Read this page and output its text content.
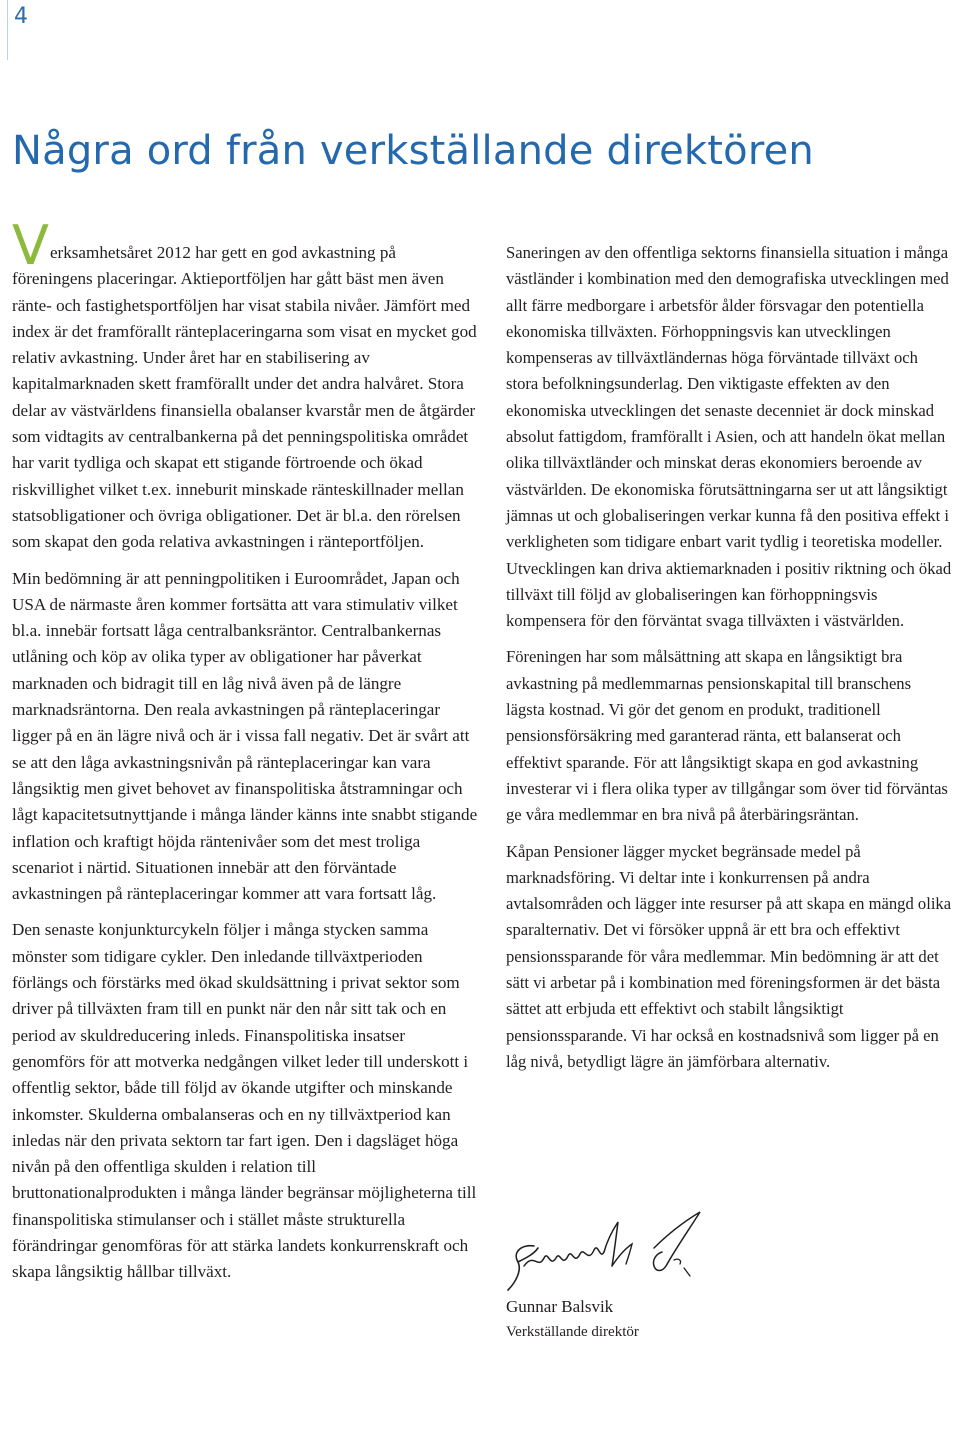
4
Några ord från verkställande direktören

Verksamhetsåret 2012 har gett en god avkastning på föreningens placeringar. Aktieportföljen har gått bäst men även ränte- och fastighetsportföljen har visat stabila nivåer. Jämfört med index är det framförallt ränteplaceringarna som visat en mycket god relativ avkastning. Under året har en stabilisering av kapitalmarknaden skett framförallt under det andra halvåret. Stora delar av västvärldens finansiella obalanser kvarstår men de åtgärder som vidtagits av centralbankerna på det penningspolitiska området har varit tydliga och skapat ett stigande förtroende och ökad riskvillighet vilket t.ex. inneburit minskade ränteskillnader mellan statsobligationer och övriga obligationer. Det är bl.a. den rörelsen som skapat den goda relativa avkastningen i ränteportföljen.

Min bedömning är att penningpolitiken i Euroområdet, Japan och USA de närmaste åren kommer fortsätta att vara stimulativ vilket bl.a. innebär fortsatt låga centralbanksräntor. Centralbankernas utlåning och köp av olika typer av obligationer har påverkat marknaden och bidragit till en låg nivå även på de längre marknadsräntorna. Den reala avkastningen på ränteplaceringar ligger på en än lägre nivå och är i vissa fall negativ. Det är svårt att se att den låga avkastningsnivån på ränteplaceringar kan vara långsiktig men givet behovet av finanspolitiska åtstramningar och lågt kapacitetsutnyttjande i många länder känns inte snabbt stigande inflation och kraftigt höjda räntenivåer som det mest troliga scenariot i närtid. Situationen innebär att den förväntade avkastningen på ränteplaceringar kommer att vara fortsatt låg.

Den senaste konjunkturcykeln följer i många stycken samma mönster som tidigare cykler. Den inledande tillväxtperioden förlängs och förstärks med ökad skuldsättning i privat sektor som driver på tillväxten fram till en punkt när den når sitt tak och en period av skuldreducering inleds. Finanspolitiska insatser genomförs för att motverka nedgången vilket leder till underskott i offentlig sektor, både till följd av ökande utgifter och minskande inkomster. Skulderna ombalanseras och en ny tillväxtperiod kan inledas när den privata sektorn tar fart igen. Den i dagsläget höga nivån på den offentliga skulden i relation till bruttonationalprodukten i många länder begränsar möjligheterna till finanspolitiska stimulanser och i stället måste strukturella förändringar genomföras för att stärka landets konkurrenskraft och skapa långsiktig hållbar tillväxt.

Saneringen av den offentliga sektorns finansiella situation i många västländer i kombination med den demografiska utvecklingen med allt färre medborgare i arbetsför ålder försvagar den potentiella ekonomiska tillväxten. Förhoppningsvis kan utvecklingen kompenseras av tillväxtländernas höga förväntade tillväxt och stora befolkningsunderlag. Den viktigaste effekten av den ekonomiska utvecklingen det senaste decenniet är dock minskad absolut fattigdom, framförallt i Asien, och att handeln ökat mellan olika tillväxtländer och minskat deras ekonomiers beroende av västvärlden. De ekonomiska förutsättningarna ser ut att långsiktigt jämnas ut och globaliseringen verkar kunna få den positiva effekt i verkligheten som tidigare enbart varit tydlig i teoretiska modeller. Utvecklingen kan driva aktiemarknaden i positiv riktning och ökad tillväxt till följd av globaliseringen kan förhoppningsvis kompensera för den förväntat svaga tillväxten i västvärlden.

Föreningen har som målsättning att skapa en långsiktigt bra avkastning på medlemmarnas pensionskapital till branschens lägsta kostnad. Vi gör det genom en produkt, traditionell pensionsförsäkring med garanterad ränta, ett balanserat och effektivt sparande. För att långsiktigt skapa en god avkastning investerar vi i flera olika typer av tillgångar som över tid förväntas ge våra medlemmar en bra nivå på återbäringsräntan.

Kåpan Pensioner lägger mycket begränsade medel på marknadsföring. Vi deltar inte i konkurrensen på andra avtalsområden och lägger inte resurser på att skapa en mängd olika sparalternativ. Det vi försöker uppnå är ett bra och effektivt pensionssparande för våra medlemmar. Min bedömning är att det sätt vi arbetar på i kombination med föreningsformen är det bästa sättet att erbjuda ett effektivt och stabilt långsiktigt pensionssparande. Vi har också en kostnadsnivå som ligger på en låg nivå, betydligt lägre än jämförbara alternativ.

Gunnar Balsvik
Verkställande direktör
